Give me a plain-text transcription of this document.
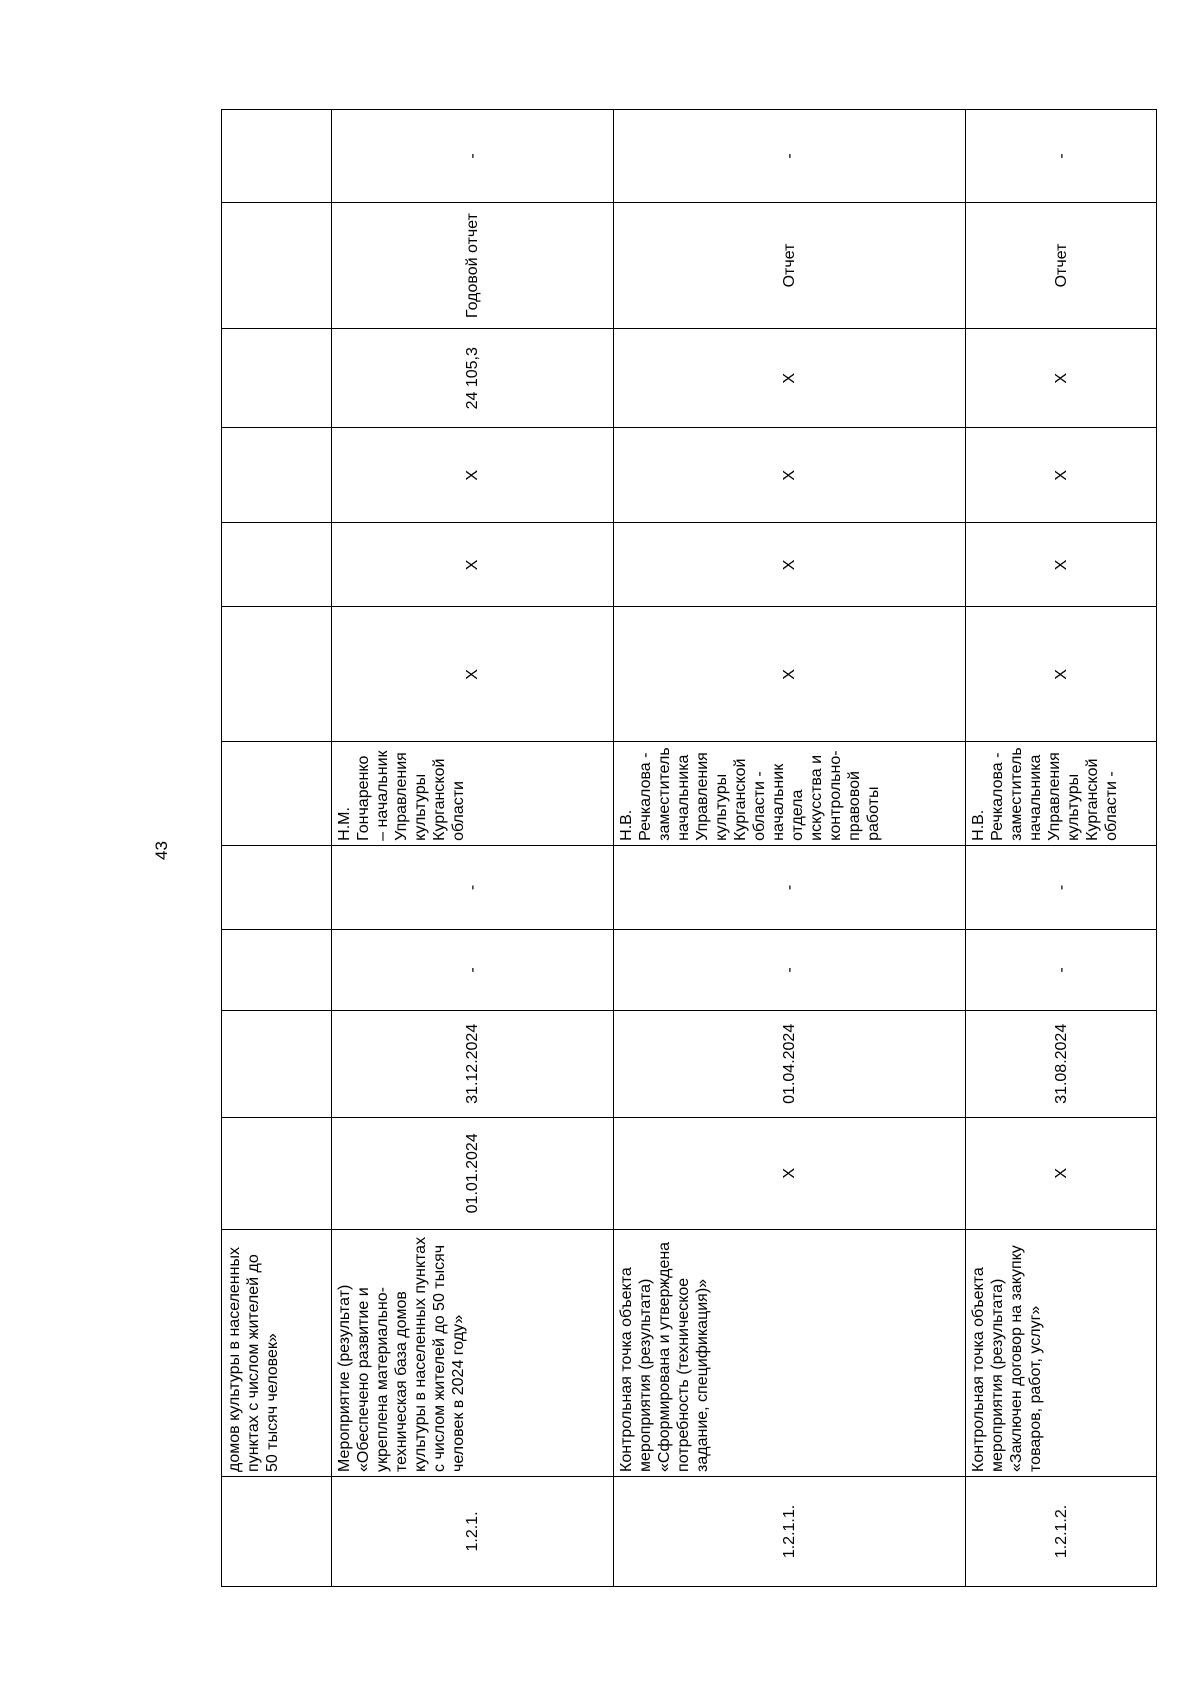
43
	домов культуры в населенных пунктах с числом жителей до 50 тысяч человек»											
1.2.1.	Мероприятие (результат) «Обеспечено развитие и укреплена материально-техническая база домов культуры в населенных пунктах с числом жителей до 50 тысяч человек в 2024 году»	01.01.2024	31.12.2024	-	-	Н.М. Гончаренко – начальник Управления культуры Курганской области	Х	Х	Х	24 105,3	Годовой отчет	-
1.2.1.1.	Контрольная точка объекта мероприятия (результата) «Сформирована и утверждена потребность (техническое задание, спецификация)»	Х	01.04.2024	-	-	Н.В. Речкалова - заместитель начальника Управления культуры Курганской области - начальник отдела искусства и контрольно-правовой работы	Х	Х	Х	Х	Отчет	-
1.2.1.2.	Контрольная точка объекта мероприятия (результата) «Заключен договор на закупку товаров, работ, услуг»	Х	31.08.2024	-	-	Н.В. Речкалова - заместитель начальника Управления культуры Курганской области -	Х	Х	Х	Х	Отчет	-
